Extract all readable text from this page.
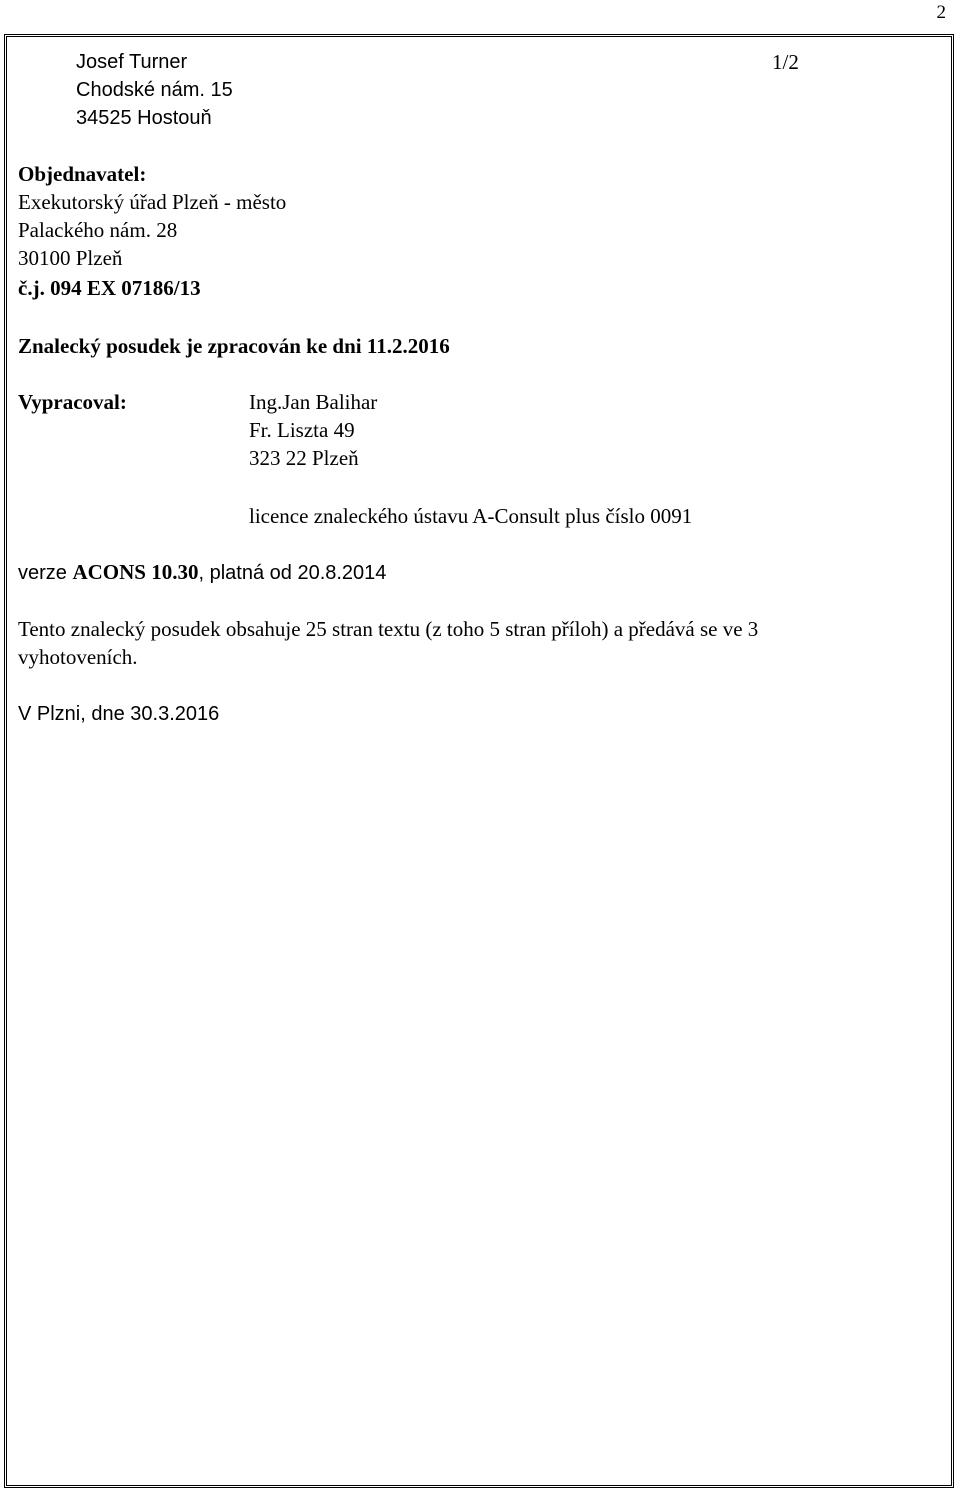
2
Josef Turner
Chodské nám. 15
34525 Hostouň
1/2
Objednavatel:
Exekutorský úřad Plzeň - město
Palackého nám. 28
30100 Plzeň
č.j. 094 EX 07186/13
Znalecký posudek je zpracován ke dni 11.2.2016
Vypracoval:	Ing.Jan Balihar
Fr. Liszta 49
323 22 Plzeň
licence znaleckého ústavu A-Consult plus číslo 0091
verze ACONS 10.30, platná od 20.8.2014
Tento znalecký posudek obsahuje 25 stran textu (z toho 5 stran příloh) a předává se ve 3
vyhotoveních.
V Plzni, dne 30.3.2016
